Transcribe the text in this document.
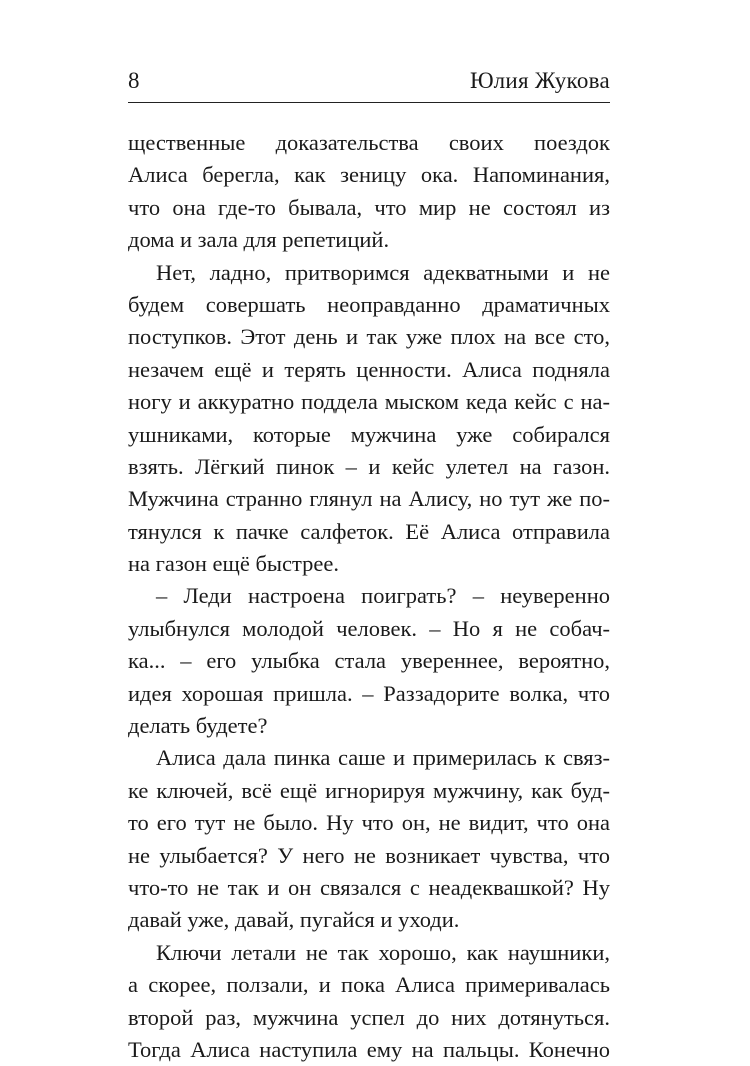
8	Юлия Жукова
щественные доказательства своих поездок
Алиса берегла, как зеницу ока. Напоминания,
что она где-то бывала, что мир не состоял из
дома и зала для репетиций.
Нет, ладно, притворимся адекватными и не
будем совершать неоправданно драматичных
поступков. Этот день и так уже плох на все сто,
незачем ещё и терять ценности. Алиса подняла
ногу и аккуратно поддела мыском кеда кейс с на-
ушниками, которые мужчина уже собирался
взять. Лёгкий пинок – и кейс улетел на газон.
Мужчина странно глянул на Алису, но тут же по-
тянулся к пачке салфеток. Её Алиса отправила
на газон ещё быстрее.
– Леди настроена поиграть? – неуверенно
улыбнулся молодой человек. – Но я не собач-
ка... – его улыбка стала увереннее, вероятно,
идея хорошая пришла. – Раззадорите волка, что
делать будете?
Алиса дала пинка саше и примерилась к связ-
ке ключей, всё ещё игнорируя мужчину, как буд-
то его тут не было. Ну что он, не видит, что она
не улыбается? У него не возникает чувства, что
что-то не так и он связался с неадеквашкой? Ну
давай уже, давай, пугайся и уходи.
Ключи летали не так хорошо, как наушники,
а скорее, ползали, и пока Алиса примеривалась
второй раз, мужчина успел до них дотянуться.
Тогда Алиса наступила ему на пальцы. Конечно
